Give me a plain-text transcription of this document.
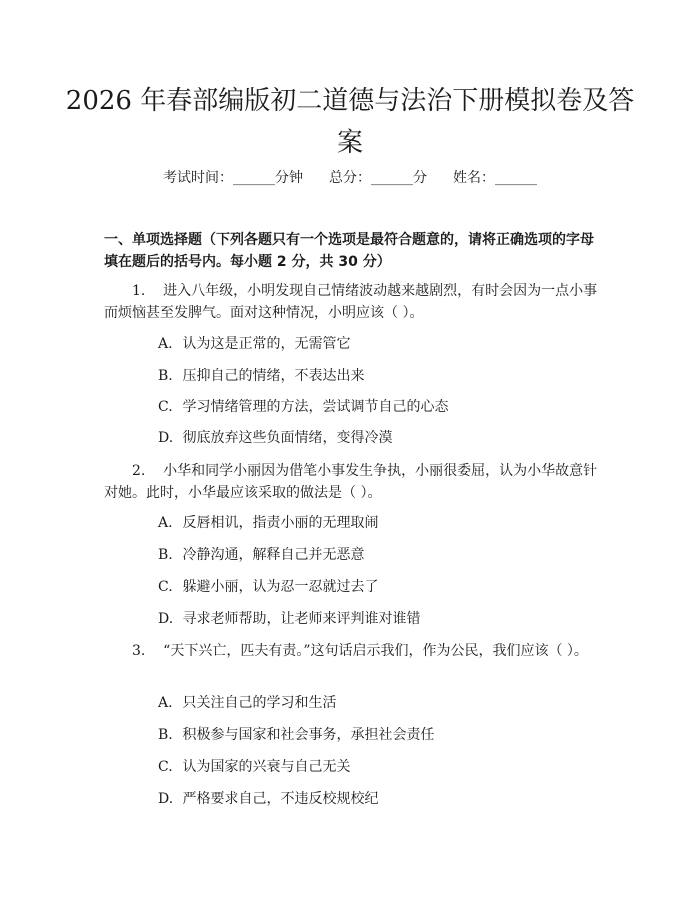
2026 年春部编版初二道德与法治下册模拟卷及答案
考试时间：______分钟 总分：______分 姓名：______
一、单项选择题（下列各题只有一个选项是最符合题意的，请将正确选项的字母填在题后的括号内。每小题 2 分，共 30 分）
1. 进入八年级，小明发现自己情绪波动越来越剧烈，有时会因为一点小事而烦恼甚至发脾气。面对这种情况，小明应该（ ）。
A. 认为这是正常的，无需管它
B. 压抑自己的情绪，不表达出来
C. 学习情绪管理的方法，尝试调节自己的心态
D. 彻底放弃这些负面情绪，变得冷漠
2. 小华和同学小丽因为借笔小事发生争执，小丽很委屈，认为小华故意针对她。此时，小华最应该采取的做法是（ ）。
A. 反唇相讥，指责小丽的无理取闹
B. 冷静沟通，解释自己并无恶意
C. 躲避小丽，认为忍一忍就过去了
D. 寻求老师帮助，让老师来评判谁对谁错
3. “天下兴亡，匹夫有责。”这句话启示我们，作为公民，我们应该（ ）。
A. 只关注自己的学习和生活
B. 积极参与国家和社会事务，承担社会责任
C. 认为国家的兴衰与自己无关
D. 严格要求自己，不违反校规校纪
